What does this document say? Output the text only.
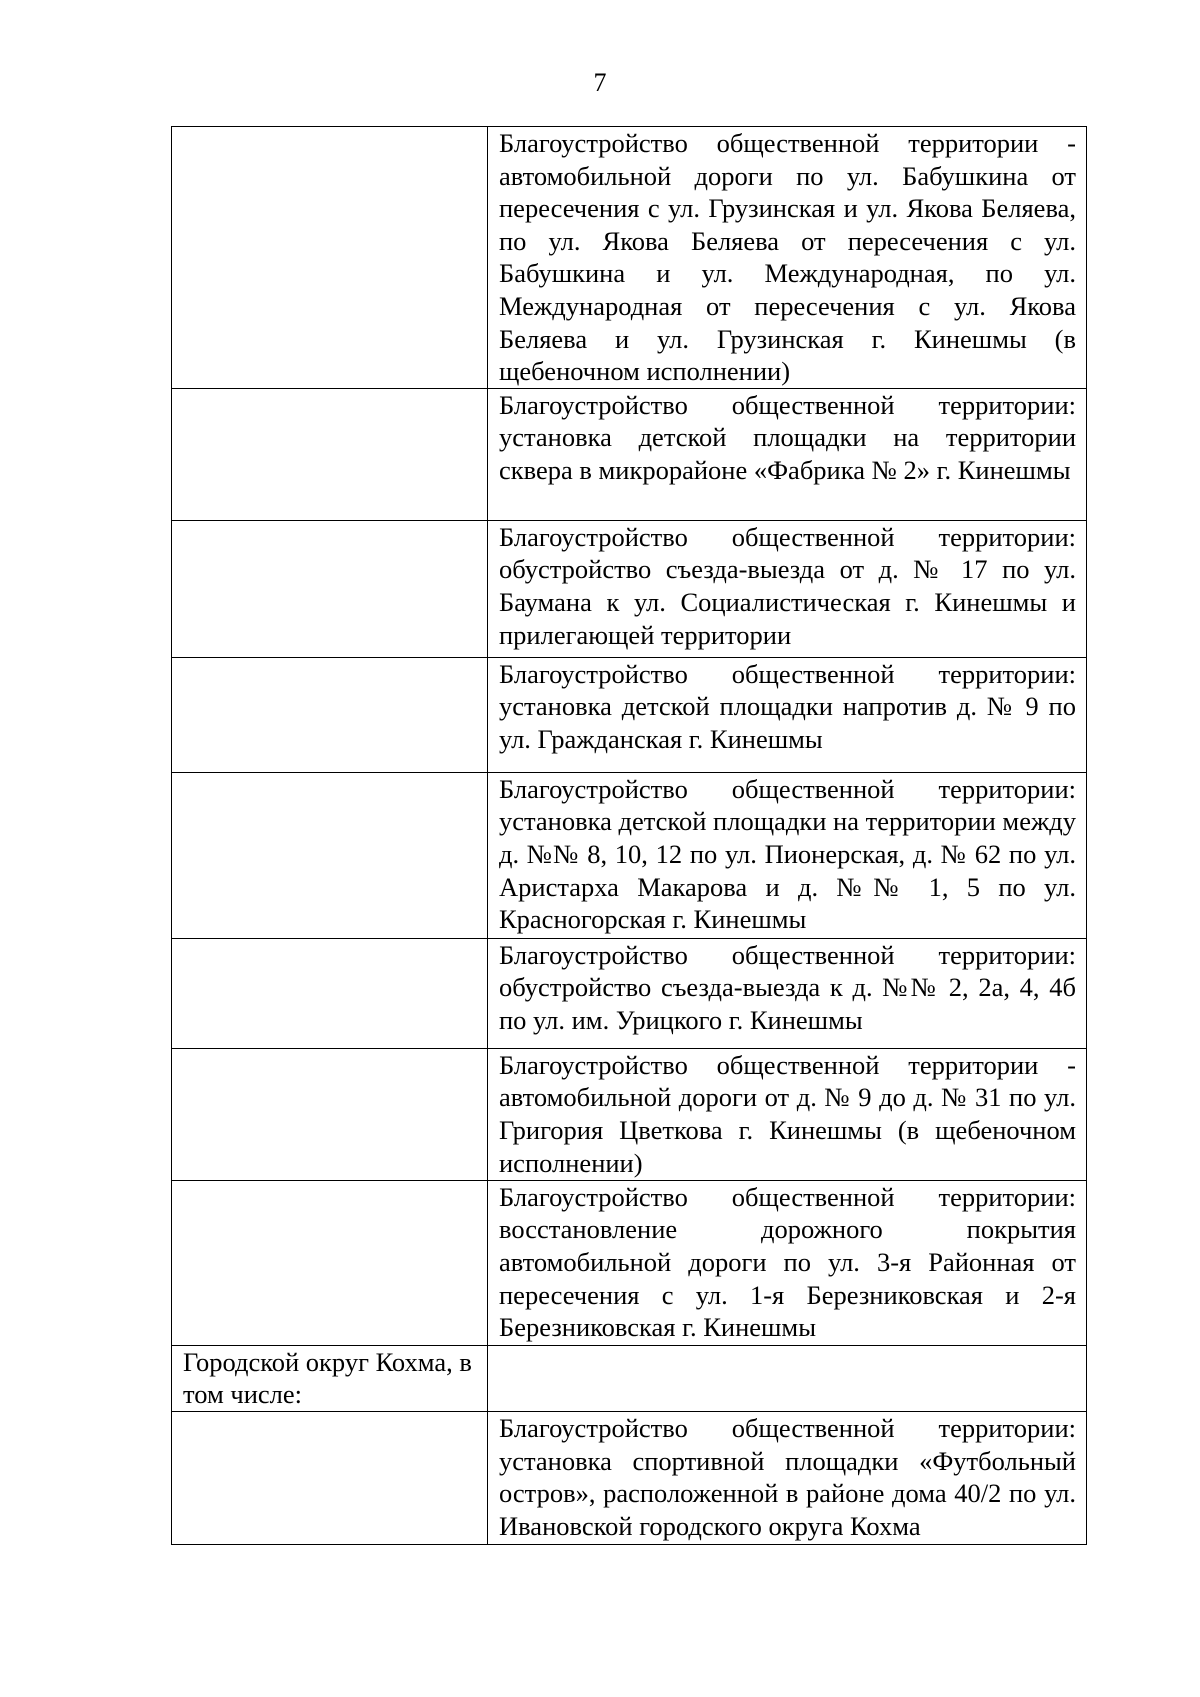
7

	Благоустройство общественной территории - автомобильной дороги по ул. Бабушкина от пересечения с ул. Грузинская и ул. Якова Беляева, по ул. Якова Беляева от пересечения с ул. Бабушкина и ул. Международная, по ул. Международная от пересечения с ул. Якова Беляева и ул. Грузинская г. Кинешмы (в щебеночном исполнении)

	Благоустройство общественной территории: установка детской площадки на территории сквера в микрорайоне «Фабрика № 2» г. Кинешмы

	Благоустройство общественной территории: обустройство съезда-выезда от д. № 17 по ул. Баумана к ул. Социалистическая г. Кинешмы и прилегающей территории

	Благоустройство общественной территории: установка детской площадки напротив д. № 9 по ул. Гражданская г. Кинешмы

	Благоустройство общественной территории: установка детской площадки на территории между д. №№ 8, 10, 12 по ул. Пионерская, д. № 62 по ул. Аристарха Макарова и д. №№ 1, 5 по ул. Красногорская г. Кинешмы

	Благоустройство общественной территории: обустройство съезда-выезда к д. №№ 2, 2а, 4, 4б по ул. им. Урицкого г. Кинешмы

	Благоустройство общественной территории - автомобильной дороги от д. № 9 до д. № 31 по ул. Григория Цветкова г. Кинешмы (в щебеночном исполнении)

	Благоустройство общественной территории: восстановление дорожного покрытия автомобильной дороги по ул. 3-я Районная от пересечения с ул. 1-я Березниковская и 2-я Березниковская г. Кинешмы

Городской округ Кохма, в том числе:	

	Благоустройство общественной территории: установка спортивной площадки «Футбольный остров», расположенной в районе дома 40/2 по ул. Ивановской городского округа Кохма
